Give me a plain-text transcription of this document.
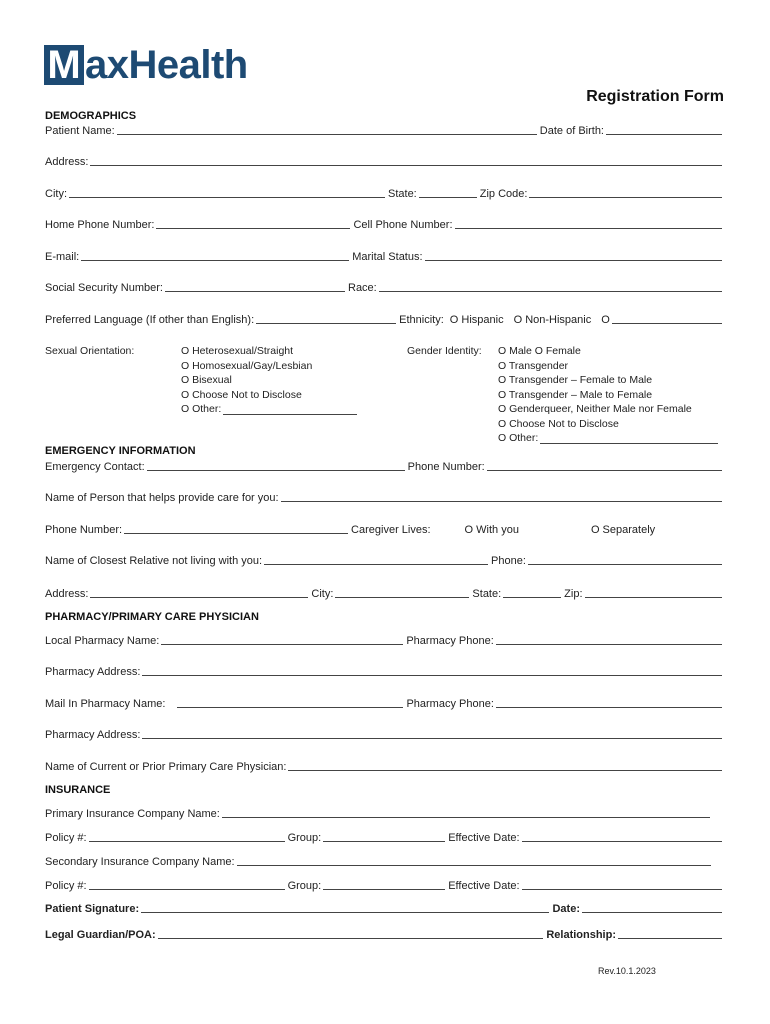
M axHealth
Registration Form
DEMOGRAPHICS
Patient Name:	Date of Birth:
Address:
City:	State:	Zip Code:
Home Phone Number:	Cell Phone Number:
E-mail:	Marital Status:
Social Security Number:	Race:
Preferred Language (If other than English):	Ethnicity: O Hispanic O Non-Hispanic O
Sexual Orientation:	O Heterosexual/Straight
O Homosexual/Gay/Lesbian
O Bisexual
O Choose Not to Disclose
O Other:
Gender Identity: O Male O Female
O Transgender
O Transgender – Female to Male
O Transgender – Male to Female
O Genderqueer, Neither Male nor Female
O Choose Not to Disclose
O Other:
EMERGENCY INFORMATION
Emergency Contact:	Phone Number:
Name of Person that helps provide care for you:
Phone Number:	Caregiver Lives:	O With you	O Separately
Name of Closest Relative not living with you:	Phone:
Address:	City:	State:	Zip:
PHARMACY/PRIMARY CARE PHYSICIAN
Local Pharmacy Name:	Pharmacy Phone:
Pharmacy Address:
Mail In Pharmacy Name:	Pharmacy Phone:
Pharmacy Address:
Name of Current or Prior Primary Care Physician:
INSURANCE
Primary Insurance Company Name:
Policy #:	Group:	Effective Date:
Secondary Insurance Company Name:
Policy #:	Group:	Effective Date:
Patient Signature:	Date:
Legal Guardian/POA:	Relationship:
Rev.10.1.2023
